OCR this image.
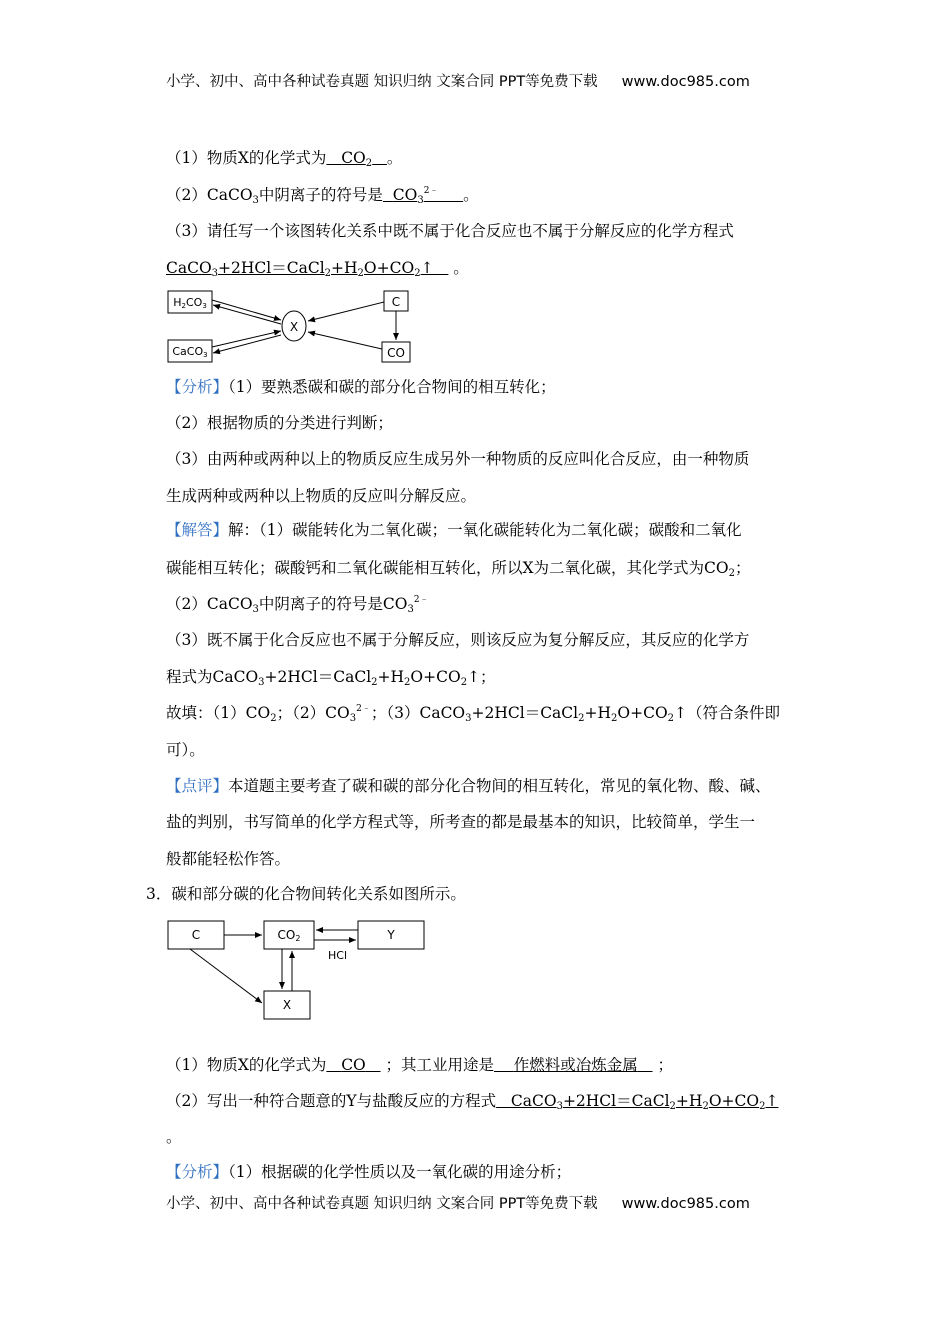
小学、初中、高中各种试卷真题 知识归纳 文案合同 PPT等免费下载 www.doc985.com
（1）物质X的化学式为 $CO_2$ 。
（2）CaCO$_3$中阴离子的符号是 $CO_3^{2﹣}$ 。
（3）请任写一个该图转化关系中既不属于化合反应也不属于分解反应的化学方程式
$CaCO_3+2HCl=CaCl_2+H_2O+CO_2↑$ 。
H2CO3
CaCO3
X
C
CO
【分析】（1）要熟悉碳和碳的部分化合物间的相互转化；
（2）根据物质的分类进行判断；
（3）由两种或两种以上的物质反应生成另外一种物质的反应叫化合反应，由一种物质
生成两种或两种以上物质的反应叫分解反应。
【解答】解：（1）碳能转化为二氧化碳；一氧化碳能转化为二氧化碳；碳酸和二氧化
碳能相互转化；碳酸钙和二氧化碳能相互转化，所以X为二氧化碳，其化学式为$CO_2$；
（2）CaCO$_3$中阴离子的符号是$CO_3^{2﹣}$
（3）既不属于化合反应也不属于分解反应，则该反应为复分解反应，其反应的化学方
程式为$CaCO_3+2HCl=CaCl_2+H_2O+CO_2↑$；
故填：$(1)CO_2$；$(2)CO_3^{2﹣}$；$(3)CaCO_3+2HCl=CaCl_2+H_2O+CO_2↑$（符合条件即
可）。
【点评】本道题主要考查了碳和碳的部分化合物间的相互转化，常见的氧化物、酸、碱、
盐的判别，书写简单的化学方程式等，所考查的都是最基本的知识，比较简单，学生一
般都能轻松作答。
3．碳和部分碳的化合物间转化关系如图所示。
C	CO2	Y
X
HCl
（1）物质X的化学式为 CO ；其工业用途是 作燃料或冶炼金属 ；
（2）写出一种符合题意的Y与盐酸反应的方程式 $CaCO_3+2HCl=CaCl_2+H_2O+CO_2↑$
。
【分析】（1）根据碳的化学性质以及一氧化碳的用途分析；
小学、初中、高中各种试卷真题 知识归纳 文案合同 PPT等免费下载 www.doc985.com
